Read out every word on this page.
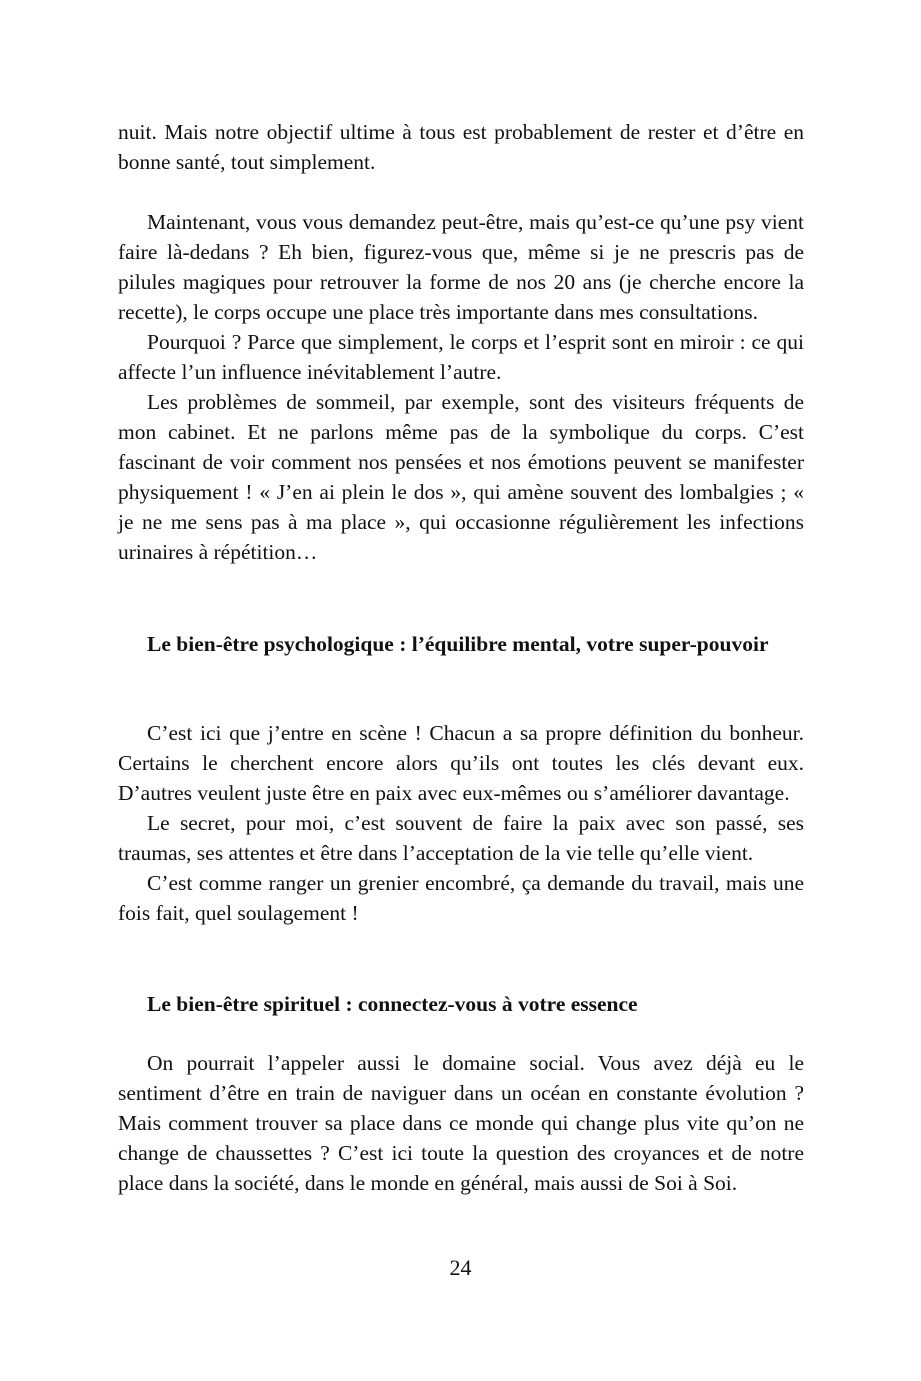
nuit. Mais notre objectif ultime à tous est probablement de rester et d’être en bonne santé, tout simplement.

Maintenant, vous vous demandez peut-être, mais qu’est-ce qu’une psy vient faire là-dedans ? Eh bien, figurez-vous que, même si je ne prescris pas de pilules magiques pour retrouver la forme de nos 20 ans (je cherche encore la recette), le corps occupe une place très importante dans mes consultations.

Pourquoi ? Parce que simplement, le corps et l’esprit sont en miroir : ce qui affecte l’un influence inévitablement l’autre.

Les problèmes de sommeil, par exemple, sont des visiteurs fréquents de mon cabinet. Et ne parlons même pas de la symbolique du corps. C’est fascinant de voir comment nos pensées et nos émotions peuvent se manifester physiquement ! « J’en ai plein le dos », qui amène souvent des lombalgies ; « je ne me sens pas à ma place », qui occasionne régulièrement les infections urinaires à répétition…

Le bien-être psychologique : l’équilibre mental, votre super-pouvoir

C’est ici que j’entre en scène ! Chacun a sa propre définition du bonheur. Certains le cherchent encore alors qu’ils ont toutes les clés devant eux. D’autres veulent juste être en paix avec eux-mêmes ou s’améliorer davantage.

Le secret, pour moi, c’est souvent de faire la paix avec son passé, ses traumas, ses attentes et être dans l’acceptation de la vie telle qu’elle vient.

C’est comme ranger un grenier encombré, ça demande du travail, mais une fois fait, quel soulagement !

Le bien-être spirituel : connectez-vous à votre essence

On pourrait l’appeler aussi le domaine social. Vous avez déjà eu le sentiment d’être en train de naviguer dans un océan en constante évolution ? Mais comment trouver sa place dans ce monde qui change plus vite qu’on ne change de chaussettes ? C’est ici toute la question des croyances et de notre place dans la société, dans le monde en général, mais aussi de Soi à Soi.

24
